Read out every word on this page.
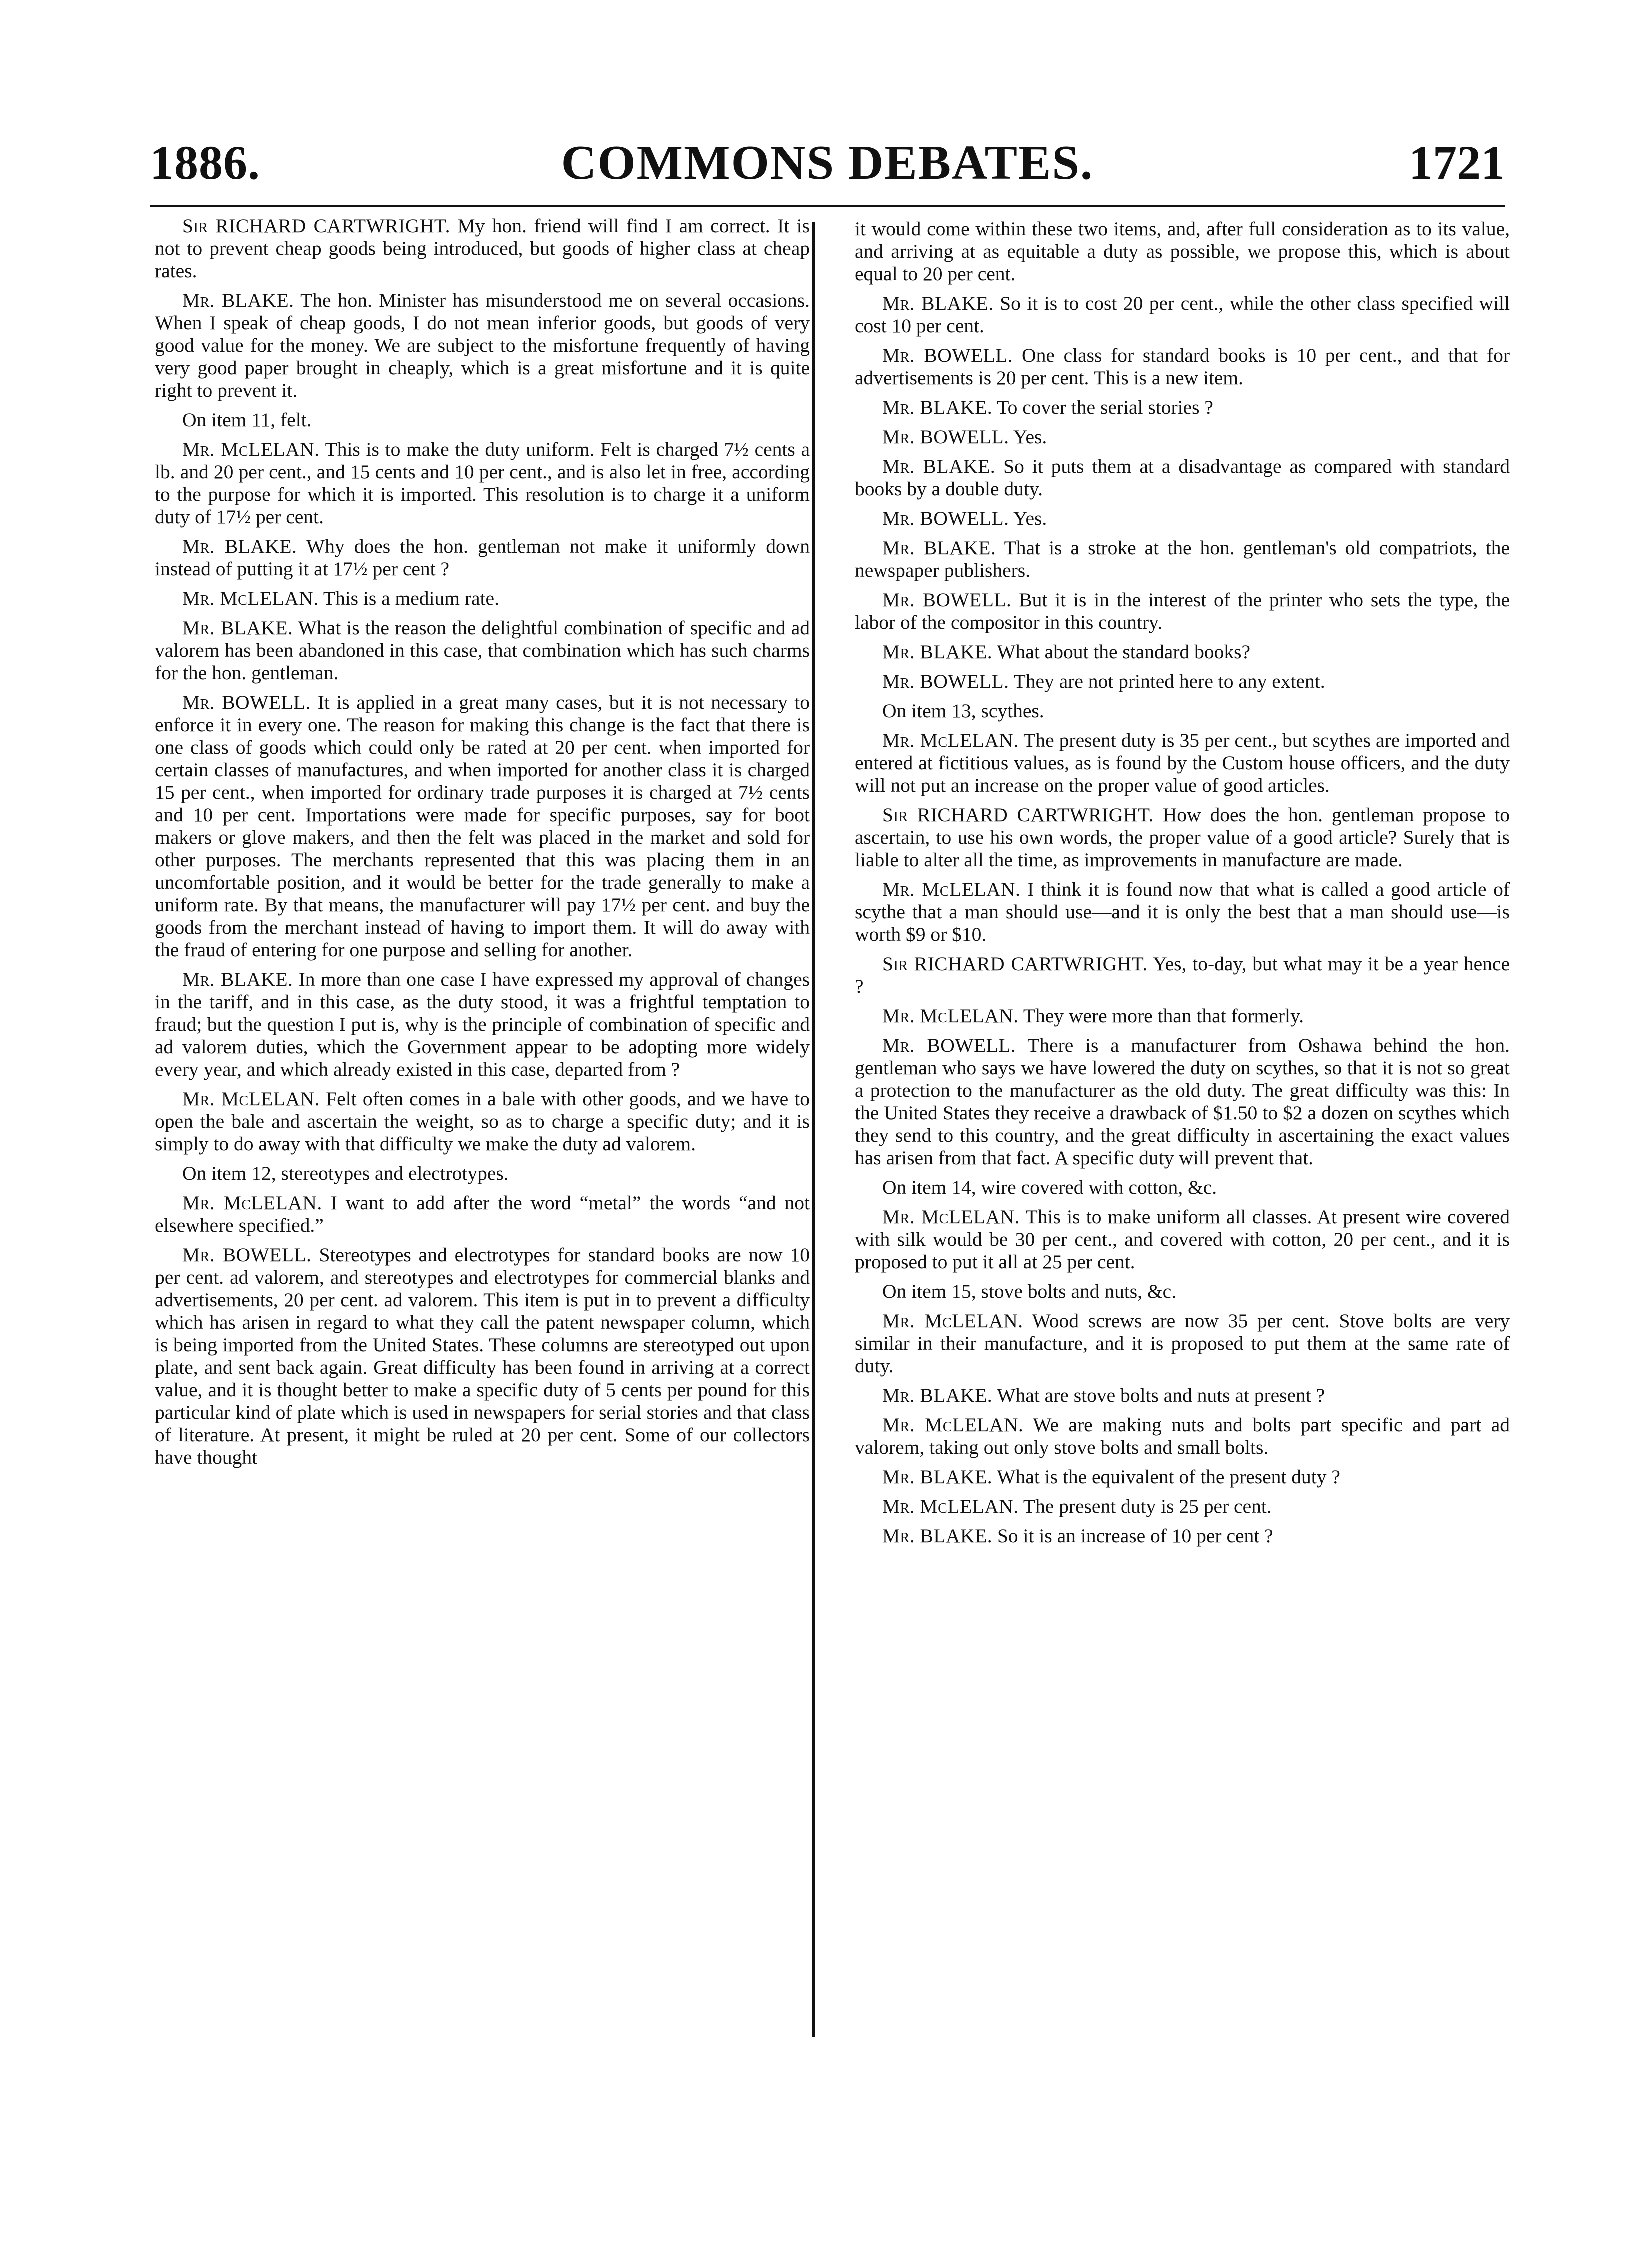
1886.	COMMONS DEBATES.	1721

Sir RICHARD CARTWRIGHT. My hon. friend will find I am correct. It is not to prevent cheap goods being introduced, but goods of higher class at cheap rates.

Mr. BLAKE. The hon. Minister has misunderstood me on several occasions. When I speak of cheap goods, I do not mean inferior goods, but goods of very good value for the money. We are subject to the misfortune frequently of having very good paper brought in cheaply, which is a great misfortune and it is quite right to prevent it.

On item 11, felt.

Mr. McLELAN. This is to make the duty uniform. Felt is charged 7½ cents a lb. and 20 per cent., and 15 cents and 10 per cent., and is also let in free, according to the purpose for which it is imported. This resolution is to charge it a uniform duty of 17½ per cent.

Mr. BLAKE. Why does the hon. gentleman not make it uniformly down instead of putting it at 17½ per cent ?

Mr. McLELAN. This is a medium rate.

Mr. BLAKE. What is the reason the delightful combination of specific and ad valorem has been abandoned in this case, that combination which has such charms for the hon. gentleman.

Mr. BOWELL. It is applied in a great many cases, but it is not necessary to enforce it in every one. The reason for making this change is the fact that there is one class of goods which could only be rated at 20 per cent. when imported for certain classes of manufactures, and when imported for another class it is charged 15 per cent., when imported for ordinary trade purposes it is charged at 7½ cents and 10 per cent. Importations were made for specific purposes, say for boot makers or glove makers, and then the felt was placed in the market and sold for other purposes. The merchants represented that this was placing them in an uncomfortable position, and it would be better for the trade generally to make a uniform rate. By that means, the manufacturer will pay 17½ per cent. and buy the goods from the merchant instead of having to import them. It will do away with the fraud of entering for one purpose and selling for another.

Mr. BLAKE. In more than one case I have expressed my approval of changes in the tariff, and in this case, as the duty stood, it was a frightful temptation to fraud; but the question I put is, why is the principle of combination of specific and ad valorem duties, which the Government appear to be adopting more widely every year, and which already existed in this case, departed from ?

Mr. McLELAN. Felt often comes in a bale with other goods, and we have to open the bale and ascertain the weight, so as to charge a specific duty; and it is simply to do away with that difficulty we make the duty ad valorem.

On item 12, stereotypes and electrotypes.

Mr. McLELAN. I want to add after the word “metal” the words “and not elsewhere specified.”

Mr. BOWELL. Stereotypes and electrotypes for standard books are now 10 per cent. ad valorem, and stereotypes and electrotypes for commercial blanks and advertisements, 20 per cent. ad valorem. This item is put in to prevent a difficulty which has arisen in regard to what they call the patent newspaper column, which is being imported from the United States. These columns are stereotyped out upon plate, and sent back again. Great difficulty has been found in arriving at a correct value, and it is thought better to make a specific duty of 5 cents per pound for this particular kind of plate which is used in newspapers for serial stories and that class of literature. At present, it might be ruled at 20 per cent. Some of our collectors have thought

it would come within these two items, and, after full consideration as to its value, and arriving at as equitable a duty as possible, we propose this, which is about equal to 20 per cent.

Mr. BLAKE. So it is to cost 20 per cent., while the other class specified will cost 10 per cent.

Mr. BOWELL. One class for standard books is 10 per cent., and that for advertisements is 20 per cent. This is a new item.

Mr. BLAKE. To cover the serial stories ?

Mr. BOWELL. Yes.

Mr. BLAKE. So it puts them at a disadvantage as compared with standard books by a double duty.

Mr. BOWELL. Yes.

Mr. BLAKE. That is a stroke at the hon. gentleman's old compatriots, the newspaper publishers.

Mr. BOWELL. But it is in the interest of the printer who sets the type, the labor of the compositor in this country.

Mr. BLAKE. What about the standard books?

Mr. BOWELL. They are not printed here to any extent.

On item 13, scythes.

Mr. McLELAN. The present duty is 35 per cent., but scythes are imported and entered at fictitious values, as is found by the Custom house officers, and the duty will not put an increase on the proper value of good articles.

Sir RICHARD CARTWRIGHT. How does the hon. gentleman propose to ascertain, to use his own words, the proper value of a good article? Surely that is liable to alter all the time, as improvements in manufacture are made.

Mr. McLELAN. I think it is found now that what is called a good article of scythe that a man should use—and it is only the best that a man should use—is worth $9 or $10.

Sir RICHARD CARTWRIGHT. Yes, to-day, but what may it be a year hence ?

Mr. McLELAN. They were more than that formerly.

Mr. BOWELL. There is a manufacturer from Oshawa behind the hon. gentleman who says we have lowered the duty on scythes, so that it is not so great a protection to the manufacturer as the old duty. The great difficulty was this: In the United States they receive a drawback of $1.50 to $2 a dozen on scythes which they send to this country, and the great difficulty in ascertaining the exact values has arisen from that fact. A specific duty will prevent that.

On item 14, wire covered with cotton, &c.

Mr. McLELAN. This is to make uniform all classes. At present wire covered with silk would be 30 per cent., and covered with cotton, 20 per cent., and it is proposed to put it all at 25 per cent.

On item 15, stove bolts and nuts, &c.

Mr. McLELAN. Wood screws are now 35 per cent. Stove bolts are very similar in their manufacture, and it is proposed to put them at the same rate of duty.

Mr. BLAKE. What are stove bolts and nuts at present ?

Mr. McLELAN. We are making nuts and bolts part specific and part ad valorem, taking out only stove bolts and small bolts.

Mr. BLAKE. What is the equivalent of the present duty ?

Mr. McLELAN. The present duty is 25 per cent.

Mr. BLAKE. So it is an increase of 10 per cent ?
